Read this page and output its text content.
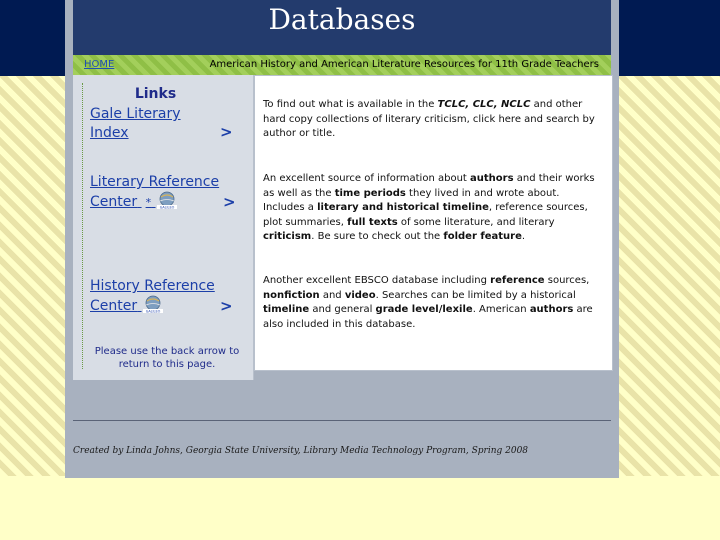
Databases
HOME	American History and American Literature Resources for 11th Grade Teachers
Links
Gale Literary
Index	>
Literary Reference
Center * GALILEO	>
History Reference
Center GALILEO	>
Please use the back arrow to return to this page.
To find out what is available in the TCLC, CLC, NCLC and other hard copy collections of literary criticism, click here and search by author or title.
An excellent source of information about authors and their works as well as the time periods they lived in and wrote about. Includes a literary and historical timeline, reference sources, plot summaries, full texts of some literature, and literary criticism. Be sure to check out the folder feature.
Another excellent EBSCO database including reference sources, nonfiction and video. Searches can be limited by a historical timeline and general grade level/lexile. American authors are also included in this database.
Created by Linda Johns, Georgia State University, Library Media Technology Program, Spring 2008
